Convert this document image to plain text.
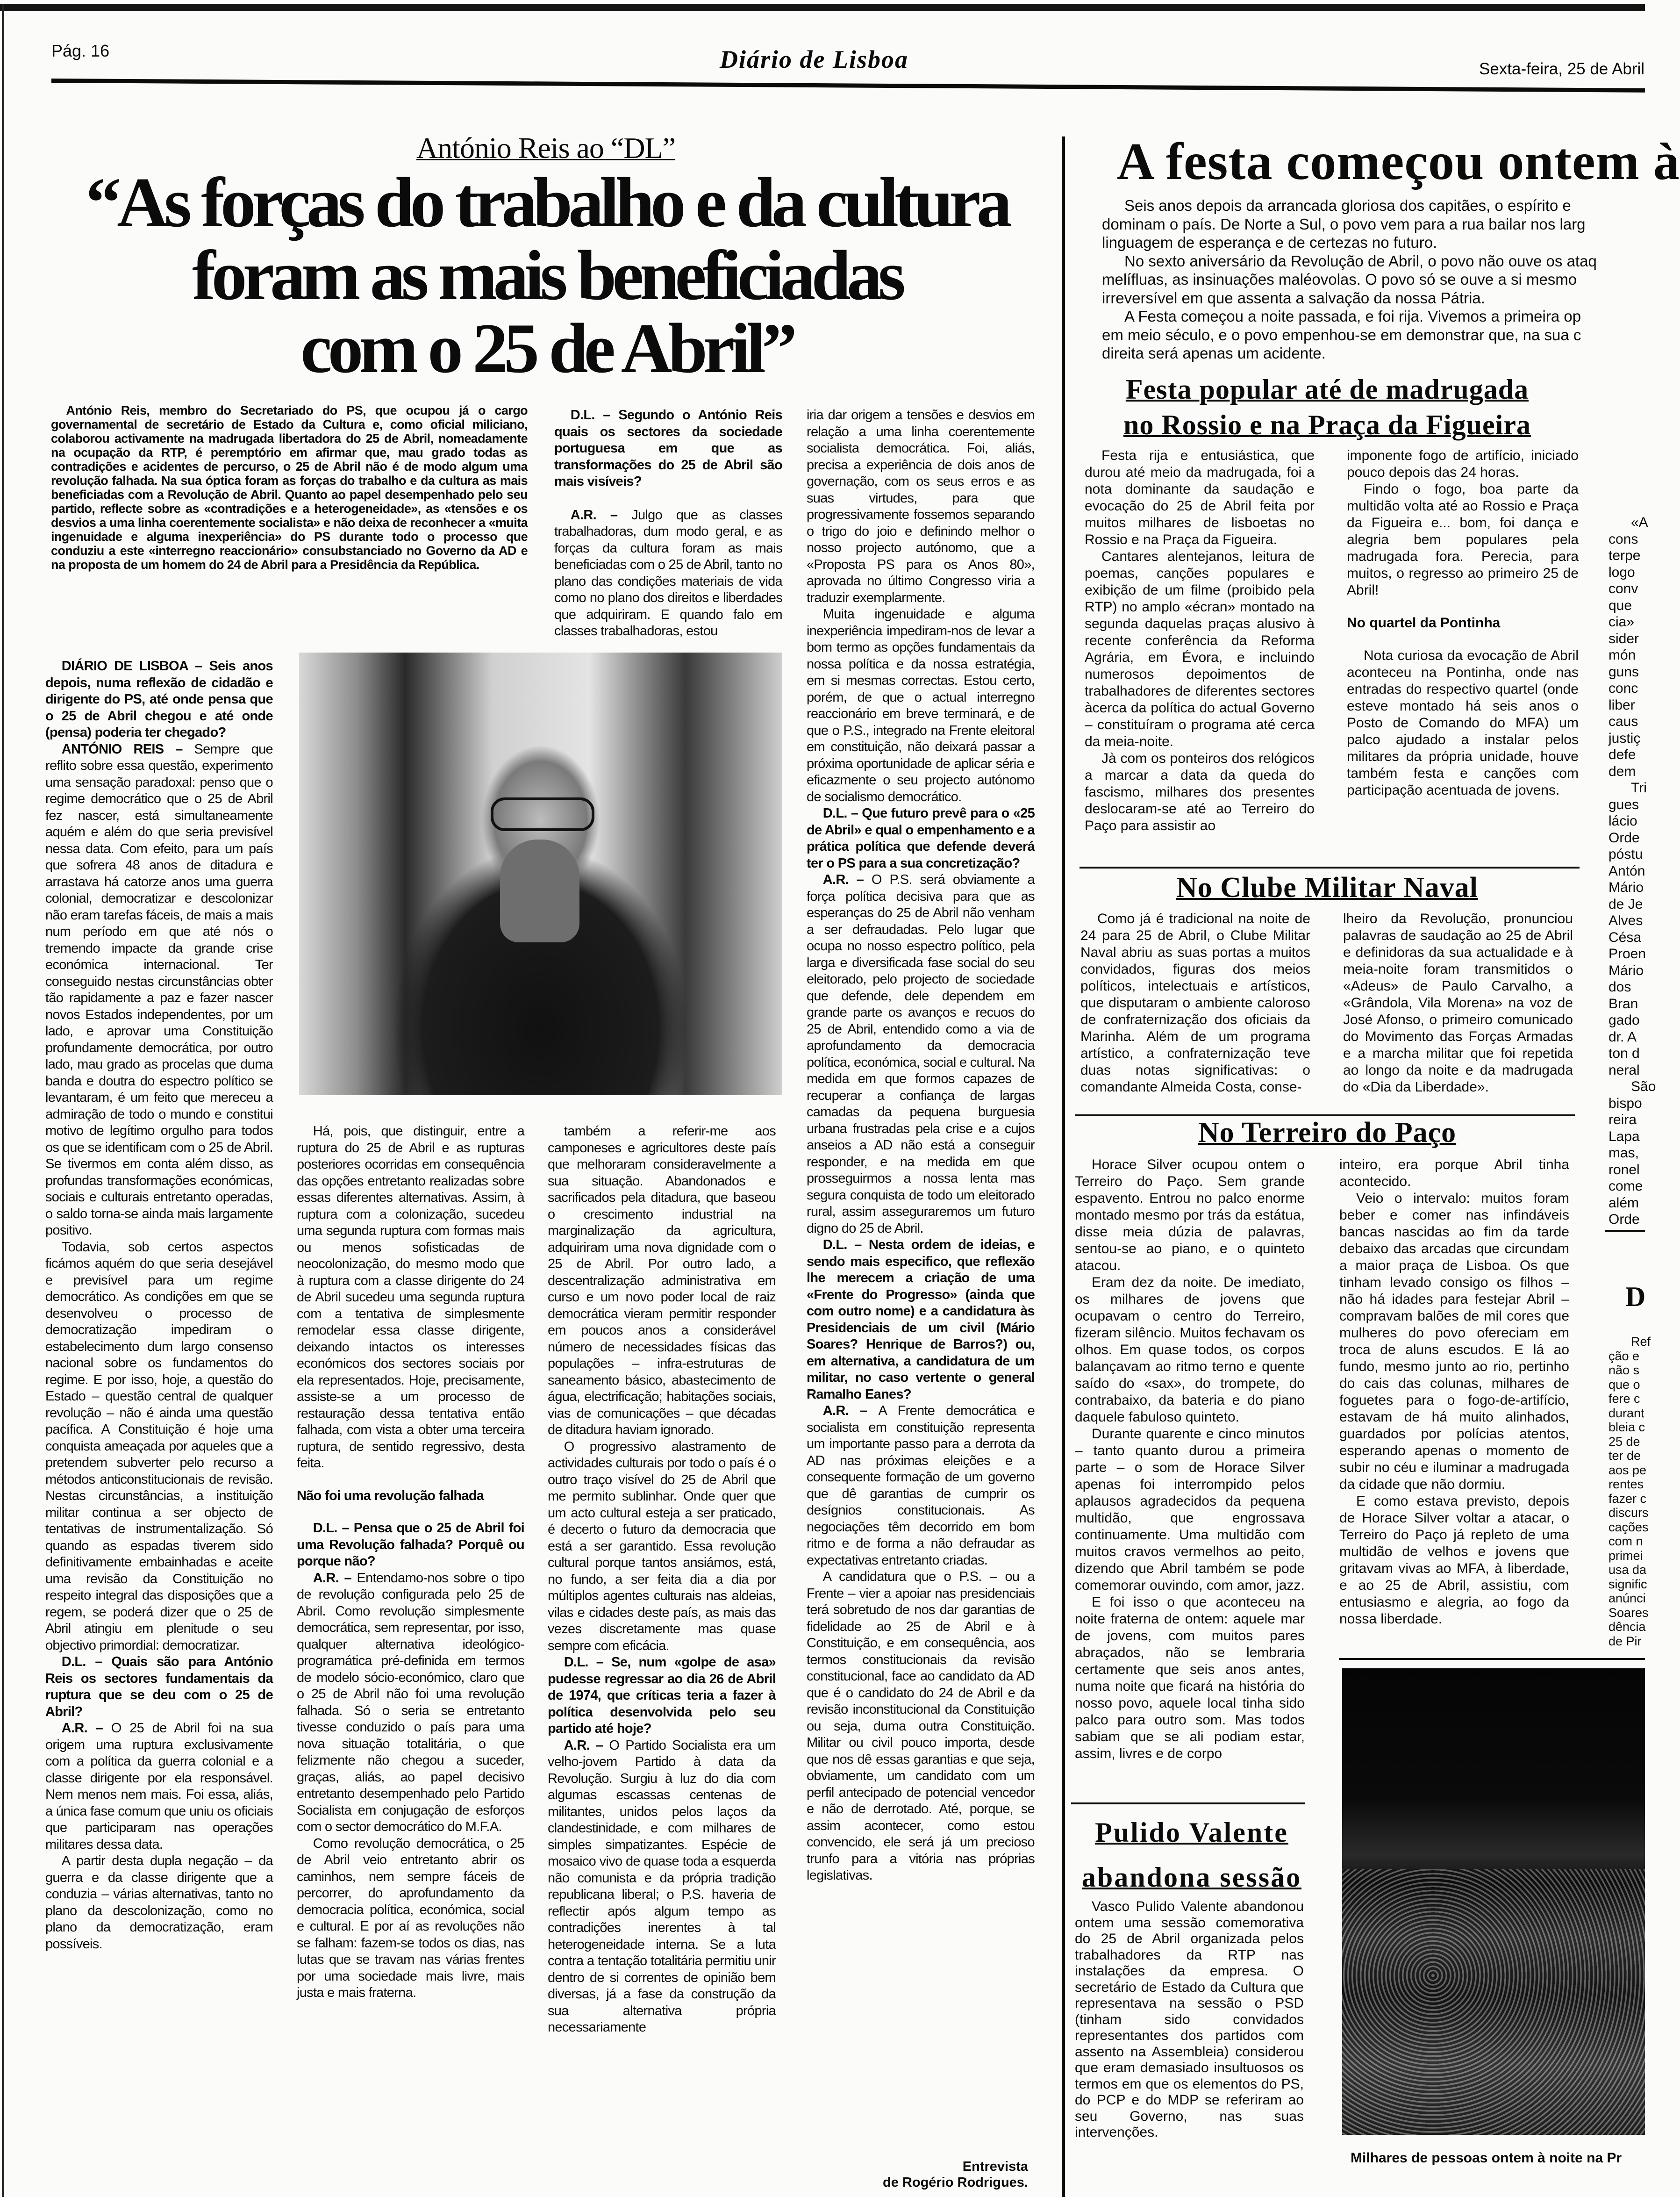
Pág. 16	Diário de Lisboa	Sexta-feira, 25 de Abril
António Reis ao “DL”
“As forças do trabalho e da cultura
foram as mais beneficiadas
com o 25 de Abril”

António Reis, membro do Secretariado do PS, que ocupou já o cargo governamental de secretário de Estado da Cultura e, como oficial miliciano, colaborou activamente na madrugada libertadora do 25 de Abril, nomeadamente na ocupação da RTP, é peremptório em afirmar que, mau grado todas as contradições e acidentes de percurso, o 25 de Abril não é de modo algum uma revolução falhada. Na sua óptica foram as forças do trabalho e da cultura as mais beneficiadas com a Revolução de Abril. Quanto ao papel desempenhado pelo seu partido, reflecte sobre as «contradições e a heterogeneidade», as «tensões e os desvios a uma linha coerentemente socialista» e não deixa de reconhecer a «muita ingenuidade e alguma inexperiência» do PS durante todo o processo que conduziu a este «interregno reaccionário» consubstanciado no Governo da AD e na proposta de um homem do 24 de Abril para a Presidência da República.

D.L. – Segundo o António Reis quais os sectores da sociedade portuguesa em que as transformações do 25 de Abril são mais visíveis?

A.R. – Julgo que as classes trabalhadoras, dum modo geral, e as forças da cultura foram as mais beneficiadas com o 25 de Abril, tanto no plano das condições materiais de vida como no plano dos direitos e liberdades que adquiriram. E quando falo em classes trabalhadoras, estou

DIÁRIO DE LISBOA – Seis anos depois, numa reflexão de cidadão e dirigente do PS, até onde pensa que o 25 de Abril chegou e até onde (pensa) poderia ter chegado?

ANTÓNIO REIS – Sempre que reflito sobre essa questão, experimento uma sensação paradoxal: penso que o regime democrático que o 25 de Abril fez nascer, está simultaneamente aquém e além do que seria previsível nessa data. Com efeito, para um país que sofrera 48 anos de ditadura e arrastava há catorze anos uma guerra colonial, democratizar e descolonizar não eram tarefas fáceis, de mais a mais num período em que até nós o tremendo impacte da grande crise económica internacional. Ter conseguido nestas circunstâncias obter tão rapidamente a paz e fazer nascer novos Estados independentes, por um lado, e aprovar uma Constituição profundamente democrática, por outro lado, mau grado as procelas que duma banda e doutra do espectro político se levantaram, é um feito que mereceu a admiração de todo o mundo e constitui motivo de legítimo orgulho para todos os que se identificam com o 25 de Abril. Se tivermos em conta além disso, as profundas transformações económicas, sociais e culturais entretanto operadas, o saldo torna-se ainda mais largamente positivo.

Todavia, sob certos aspectos ficámos aquém do que seria desejável e previsível para um regime democrático. As condições em que se desenvolveu o processo de democratização impediram o estabelecimento dum largo consenso nacional sobre os fundamentos do regime. E por isso, hoje, a questão do Estado – questão central de qualquer revolução – não é ainda uma questão pacífica. A Constituição é hoje uma conquista ameaçada por aqueles que a pretendem subverter pelo recurso a métodos anticonstitucionais de revisão. Nestas circunstâncias, a instituição militar continua a ser objecto de tentativas de instrumentalização. Só quando as espadas tiverem sido definitivamente embainhadas e aceite uma revisão da Constituição no respeito integral das disposições que a regem, se poderá dizer que o 25 de Abril atingiu em plenitude o seu objectivo primordial: democratizar.

D.L. – Quais são para António Reis os sectores fundamentais da ruptura que se deu com o 25 de Abril?

A.R. – O 25 de Abril foi na sua origem uma ruptura exclusivamente com a política da guerra colonial e a classe dirigente por ela responsável. Nem menos nem mais. Foi essa, aliás, a única fase comum que uniu os oficiais que participaram nas operações militares dessa data.

A partir desta dupla negação – da guerra e da classe dirigente que a conduzia – várias alternativas, tanto no plano da descolonização, como no plano da democratização, eram possíveis.

Há, pois, que distinguir, entre a ruptura do 25 de Abril e as rupturas posteriores ocorridas em consequência das opções entretanto realizadas sobre essas diferentes alternativas. Assim, à ruptura com a colonização, sucedeu uma segunda ruptura com formas mais ou menos sofisticadas de neocolonização, do mesmo modo que à ruptura com a classe dirigente do 24 de Abril sucedeu uma segunda ruptura com a tentativa de simplesmente remodelar essa classe dirigente, deixando intactos os interesses económicos dos sectores sociais por ela representados. Hoje, precisamente, assiste-se a um processo de restauração dessa tentativa então falhada, com vista a obter uma terceira ruptura, de sentido regressivo, desta feita.

Não foi uma revolução falhada

D.L. – Pensa que o 25 de Abril foi uma Revolução falhada? Porquê ou porque não?

A.R. – Entendamo-nos sobre o tipo de revolução configurada pelo 25 de Abril. Como revolução simplesmente democrática, sem representar, por isso, qualquer alternativa ideológico-programática pré-definida em termos de modelo sócio-económico, claro que o 25 de Abril não foi uma revolução falhada. Só o seria se entretanto tivesse conduzido o país para uma nova situação totalitária, o que felizmente não chegou a suceder, graças, aliás, ao papel decisivo entretanto desempenhado pelo Partido Socialista em conjugação de esforços com o sector democrático do M.F.A.

Como revolução democrática, o 25 de Abril veio entretanto abrir os caminhos, nem sempre fáceis de percorrer, do aprofundamento da democracia política, económica, social e cultural. E por aí as revoluções não se falham: fazem-se todos os dias, nas lutas que se travam nas várias frentes por uma sociedade mais livre, mais justa e mais fraterna.

também a referir-me aos camponeses e agricultores deste país que melhoraram consideravelmente a sua situação. Abandonados e sacrificados pela ditadura, que baseou o crescimento industrial na marginalização da agricultura, adquiriram uma nova dignidade com o 25 de Abril. Por outro lado, a descentralização administrativa em curso e um novo poder local de raiz democrática vieram permitir responder em poucos anos a considerável número de necessidades físicas das populações – infra-estruturas de saneamento básico, abastecimento de água, electrificação; habitações sociais, vias de comunicações – que décadas de ditadura haviam ignorado.

O progressivo alastramento de actividades culturais por todo o país é o outro traço visível do 25 de Abril que me permito sublinhar. Onde quer que um acto cultural esteja a ser praticado, é decerto o futuro da democracia que está a ser garantido. Essa revolução cultural porque tantos ansiámos, está, no fundo, a ser feita dia a dia por múltiplos agentes culturais nas aldeias, vilas e cidades deste país, as mais das vezes discretamente mas quase sempre com eficácia.

D.L. – Se, num «golpe de asa» pudesse regressar ao dia 26 de Abril de 1974, que críticas teria a fazer à política desenvolvida pelo seu partido até hoje?

A.R. – O Partido Socialista era um velho-jovem Partido à data da Revolução. Surgiu à luz do dia com algumas escassas centenas de militantes, unidos pelos laços da clandestinidade, e com milhares de simples simpatizantes. Espécie de mosaico vivo de quase toda a esquerda não comunista e da própria tradição republicana liberal; o P.S. haveria de reflectir após algum tempo as contradições inerentes à tal heterogeneidade interna. Se a luta contra a tentação totalitária permitiu unir dentro de si correntes de opinião bem diversas, já a fase da construção da sua alternativa própria necessariamente

iria dar origem a tensões e desvios em relação a uma linha coerentemente socialista democrática. Foi, aliás, precisa a experiência de dois anos de governação, com os seus erros e as suas virtudes, para que progressivamente fossemos separando o trigo do joio e definindo melhor o nosso projecto autónomo, que a «Proposta PS para os Anos 80», aprovada no último Congresso viria a traduzir exemplarmente.

Muita ingenuidade e alguma inexperiência impediram-nos de levar a bom termo as opções fundamentais da nossa política e da nossa estratégia, em si mesmas correctas. Estou certo, porém, de que o actual interregno reaccionário em breve terminará, e de que o P.S., integrado na Frente eleitoral em constituição, não deixará passar a próxima oportunidade de aplicar séria e eficazmente o seu projecto autónomo de socialismo democrático.

D.L. – Que futuro prevê para o «25 de Abril» e qual o empenhamento e a prática política que defende deverá ter o PS para a sua concretização?

A.R. – O P.S. será obviamente a força política decisiva para que as esperanças do 25 de Abril não venham a ser defraudadas. Pelo lugar que ocupa no nosso espectro político, pela larga e diversificada fase social do seu eleitorado, pelo projecto de sociedade que defende, dele dependem em grande parte os avanços e recuos do 25 de Abril, entendido como a via de aprofundamento da democracia política, económica, social e cultural. Na medida em que formos capazes de recuperar a confiança de largas camadas da pequena burguesia urbana frustradas pela crise e a cujos anseios a AD não está a conseguir responder, e na medida em que prosseguirmos a nossa lenta mas segura conquista de todo um eleitorado rural, assim asseguraremos um futuro digno do 25 de Abril.

D.L. – Nesta ordem de ideias, e sendo mais especifico, que reflexão lhe merecem a criação de uma «Frente do Progresso» (ainda que com outro nome) e a candidatura às Presidenciais de um civil (Mário Soares? Henrique de Barros?) ou, em alternativa, a candidatura de um militar, no caso vertente o general Ramalho Eanes?

A.R. – A Frente democrática e socialista em constituição representa um importante passo para a derrota da AD nas próximas eleições e a consequente formação de um governo que dê garantias de cumprir os desígnios constitucionais. As negociações têm decorrido em bom ritmo e de forma a não defraudar as expectativas entretanto criadas.

A candidatura que o P.S. – ou a Frente – vier a apoiar nas presidenciais terá sobretudo de nos dar garantias de fidelidade ao 25 de Abril e à Constituição, e em consequência, aos termos constitucionais da revisão constitucional, face ao candidato da AD que é o candidato do 24 de Abril e da revisão inconstitucional da Constituição ou seja, duma outra Constituição. Militar ou civil pouco importa, desde que nos dê essas garantias e que seja, obviamente, um candidato com um perfil antecipado de potencial vencedor e não de derrotado. Até, porque, se assim acontecer, como estou convencido, ele será já um precioso trunfo para a vitória nas próprias legislativas.

Entrevista
de Rogério Rodrigues.
A festa começou ontem à
Seis anos depois da arrancada gloriosa dos capitães, o espírito e
dominam o país. De Norte a Sul, o povo vem para a rua bailar nos larg
linguagem de esperança e de certezas no futuro.
No sexto aniversário da Revolução de Abril, o povo não ouve os ataq
melífluas, as insinuações maléovolas. O povo só se ouve a si mesmo
irreversível em que assenta a salvação da nossa Pátria.
A Festa começou a noite passada, e foi rija. Vivemos a primeira op
em meio século, e o povo empenhou-se em demonstrar que, na sua c
direita será apenas um acidente.
Festa popular até de madrugada
no Rossio e na Praça da Figueira

Festa rija e entusiástica, que durou até meio da madrugada, foi a nota dominante da saudação e evocação do 25 de Abril feita por muitos milhares de lisboetas no Rossio e na Praça da Figueira.

Cantares alentejanos, leitura de poemas, canções populares e exibição de um filme (proibido pela RTP) no amplo «écran» montado na segunda daquelas praças alusivo à recente conferência da Reforma Agrária, em Évora, e incluindo numerosos depoimentos de trabalhadores de diferentes sectores àcerca da política do actual Governo – constituíram o programa até cerca da meia-noite.

Jà com os ponteiros dos relógicos a marcar a data da queda do fascismo, milhares dos presentes deslocaram-se até ao Terreiro do Paço para assistir ao

imponente fogo de artifício, iniciado pouco depois das 24 horas.

Findo o fogo, boa parte da multidão volta até ao Rossio e Praça da Figueira e... bom, foi dança e alegria bem populares pela madrugada fora. Perecia, para muitos, o regresso ao primeiro 25 de Abril!

No quartel da Pontinha

Nota curiosa da evocação de Abril aconteceu na Pontinha, onde nas entradas do respectivo quartel (onde esteve montado há seis anos o Posto de Comando do MFA) um palco ajudado a instalar pelos militares da própria unidade, houve também festa e canções com participação acentuada de jovens.

No Clube Militar Naval

Como já é tradicional na noite de 24 para 25 de Abril, o Clube Militar Naval abriu as suas portas a muitos convidados, figuras dos meios políticos, intelectuais e artísticos, que disputaram o ambiente caloroso de confraternização dos oficiais da Marinha. Além de um programa artístico, a confraternização teve duas notas significativas: o comandante Almeida Costa, conse-

lheiro da Revolução, pronunciou palavras de saudação ao 25 de Abril e definidoras da sua actualidade e à meia-noite foram transmitidos o «Adeus» de Paulo Carvalho, a «Grândola, Vila Morena» na voz de José Afonso, o primeiro comunicado do Movimento das Forças Armadas e a marcha militar que foi repetida ao longo da noite e da madrugada do «Dia da Liberdade».

No Terreiro do Paço

Horace Silver ocupou ontem o Terreiro do Paço. Sem grande espavento. Entrou no palco enorme montado mesmo por trás da estátua, disse meia dúzia de palavras, sentou-se ao piano, e o quinteto atacou.

Eram dez da noite. De imediato, os milhares de jovens que ocupavam o centro do Terreiro, fizeram silêncio. Muitos fechavam os olhos. Em quase todos, os corpos balançavam ao ritmo terno e quente saído do «sax», do trompete, do contrabaixo, da bateria e do piano daquele fabuloso quinteto.

Durante quarente e cinco minutos – tanto quanto durou a primeira parte – o som de Horace Silver apenas foi interrompido pelos aplausos agradecidos da pequena multidão, que engrossava continuamente. Uma multidão com muitos cravos vermelhos ao peito, dizendo que Abril também se pode comemorar ouvindo, com amor, jazz.

E foi isso o que aconteceu na noite fraterna de ontem: aquele mar de jovens, com muitos pares abraçados, não se lembraria certamente que seis anos antes, numa noite que ficará na história do nosso povo, aquele local tinha sido palco para outro som. Mas todos sabiam que se ali podiam estar, assim, livres e de corpo

inteiro, era porque Abril tinha acontecido.

Veio o intervalo: muitos foram beber e comer nas infindáveis bancas nascidas ao fim da tarde debaixo das arcadas que circundam a maior praça de Lisboa. Os que tinham levado consigo os filhos – não há idades para festejar Abril – compravam balões de mil cores que mulheres do povo ofereciam em troca de aluns escudos. E lá ao fundo, mesmo junto ao rio, pertinho do cais das colunas, milhares de foguetes para o fogo-de-artifício, estavam de há muito alinhados, guardados por polícias atentos, esperando apenas o momento de subir no céu e iluminar a madrugada da cidade que não dormiu.

E como estava previsto, depois de Horace Silver voltar a atacar, o Terreiro do Paço já repleto de uma multidão de velhos e jovens que gritavam vivas ao MFA, à liberdade, e ao 25 de Abril, assistiu, com entusiasmo e alegria, ao fogo da nossa liberdade.

Milhares de pessoas ontem à noite na Pr
Pulido Valente
abandona sessão

Vasco Pulido Valente abandonou ontem uma sessão comemorativa do 25 de Abril organizada pelos trabalhadores da RTP nas instalações da empresa. O secretário de Estado da Cultura que representava na sessão o PSD (tinham sido convidados representantes dos partidos com assento na Assembleia) considerou que eram demasiado insultuosos os termos em que os elementos do PS, do PCP e do MDP se referiram ao seu Governo, nas suas intervenções.

«A
cons
terpe
logo
conv
que
cia»
sider
món
guns
conc
liber
caus
justiç
defe
dem
Tri
gues
lácio
Orde
póstu
Antón
Mário
de Je
Alves
Césa
Proen
Mário
dos
Bran
gado
dr. A
ton d
neral
São
bispo
reira
Lapa
mas,
ronel
come
além
Orde
D
Ref
ção e
não s
que o
fere c
durant
bleia c
25 de
ter de
aos pe
rentes
fazer c
discurs
cações
com n
primei
usa da
signific
anúnci
Soares
dência
de Pir
